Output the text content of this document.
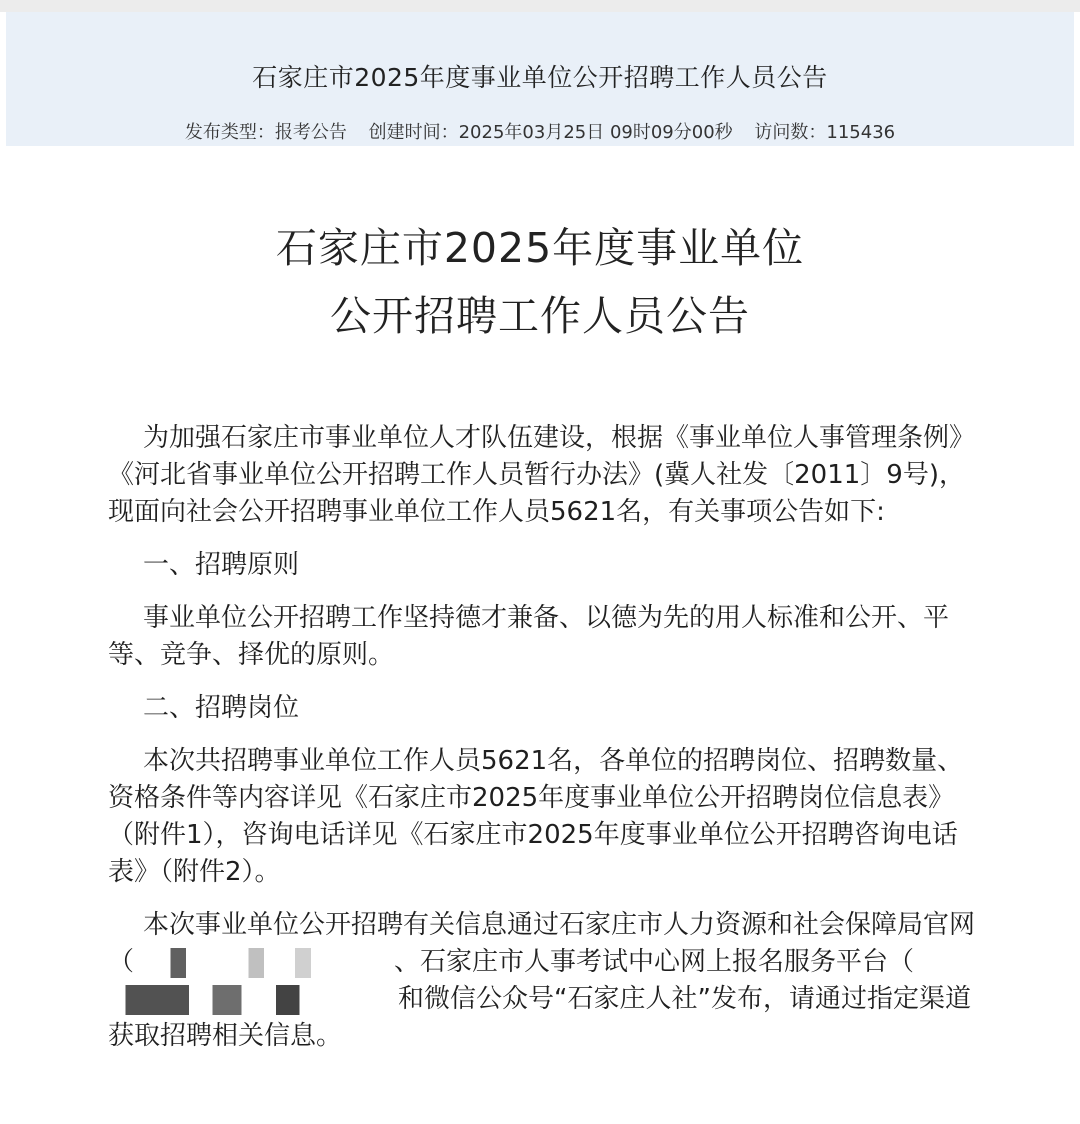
石家庄市2025年度事业单位公开招聘工作人员公告
发布类型：报考公告 创建时间：2025年03月25日 09时09分00秒 访问数：115436
石家庄市2025年度事业单位
公开招聘工作人员公告

为加强石家庄市事业单位人才队伍建设，根据《事业单位人事管理条例》《河北省事业单位公开招聘工作人员暂行办法》(冀人社发〔2011〕9号)，现面向社会公开招聘事业单位工作人员5621名，有关事项公告如下:

一、招聘原则

事业单位公开招聘工作坚持德才兼备、以德为先的用人标准和公开、平等、竞争、择优的原则。

二、招聘岗位

本次共招聘事业单位工作人员5621名，各单位的招聘岗位、招聘数量、资格条件等内容详见《石家庄市2025年度事业单位公开招聘岗位信息表》（附件1），咨询电话详见《石家庄市2025年度事业单位公开招聘咨询电话表》（附件2）。

本次事业单位公开招聘有关信息通过石家庄市人力资源和社会保障局官网（	、石家庄市人事考试中心网上报名服务平台（和微信公众号“石家庄人社”发布，请通过指定渠道获取招聘相关信息。
